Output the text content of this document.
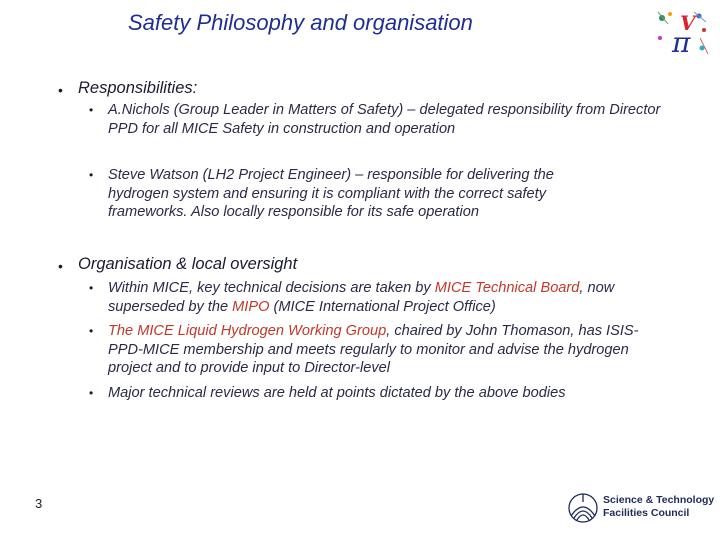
Safety Philosophy and organisation	V
π
• Responsibilities:
• A.Nichols (Group Leader in Matters of Safety) – delegated responsibility from Director PPD for all MICE Safety in construction and operation
• Steve Watson (LH2 Project Engineer) – responsible for delivering the hydrogen system and ensuring it is compliant with the correct safety frameworks. Also locally responsible for its safe operation
• Organisation & local oversight
• Within MICE, key technical decisions are taken by MICE Technical Board, now superseded by the MIPO (MICE International Project Office)
• The MICE Liquid Hydrogen Working Group, chaired by John Thomason, has ISIS-PPD-MICE membership and meets regularly to monitor and advise the hydrogen project and to provide input to Director-level
• Major technical reviews are held at points dictated by the above bodies
3	Science & Technology
Facilities Council
